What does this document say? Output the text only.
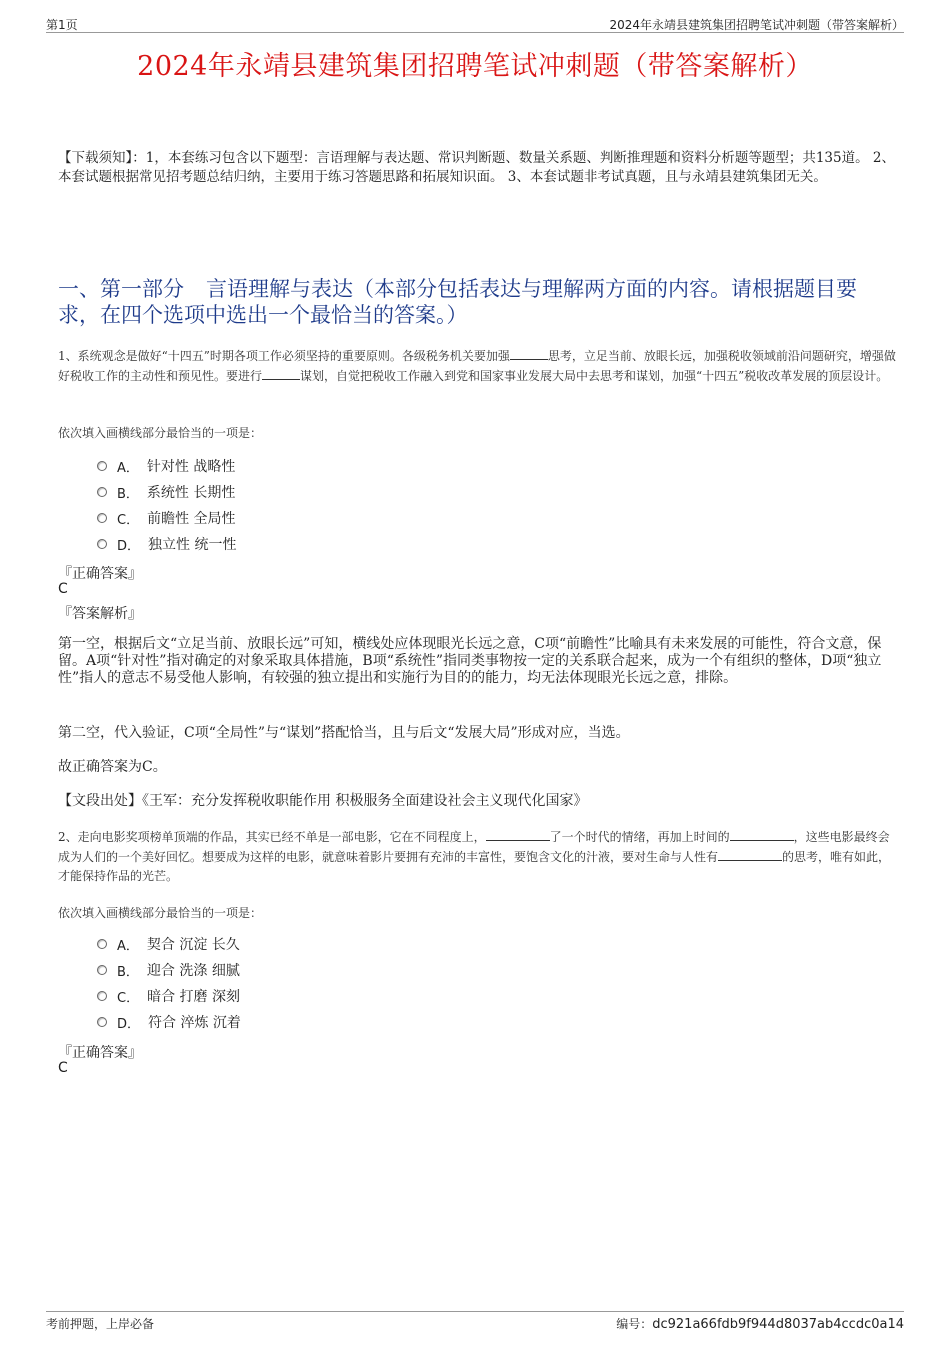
第1页	2024年永靖县建筑集团招聘笔试冲刺题（带答案解析）
2024年永靖县建筑集团招聘笔试冲刺题（带答案解析）
【下载须知】：1，本套练习包含以下题型：言语理解与表达题、常识判断题、数量关系题、判断推理题和资料分析题等题型；共135道。 2、本套试题根据常见招考题总结归纳，主要用于练习答题思路和拓展知识面。 3、本套试题非考试真题，且与永靖县建筑集团无关。
一、第一部分 言语理解与表达（本部分包括表达与理解两方面的内容。请根据题目要求，在四个选项中选出一个最恰当的答案。）
1、系统观念是做好“十四五”时期各项工作必须坚持的重要原则。各级税务机关要加强	思考，立足当前、放眼长远，加强税收领域前沿问题研究，增强做好税收工作的主动性和预见性。要进行	谋划，自觉把税收工作融入到党和国家事业发展大局中去思考和谋划，加强“十四五”税收改革发展的顶层设计。
依次填入画横线部分最恰当的一项是：
A． 针对性 战略性
B． 系统性 长期性
C． 前瞻性 全局性
D． 独立性 统一性
『正确答案』
C
『答案解析』
第一空，根据后文“立足当前、放眼长远”可知，横线处应体现眼光长远之意，C项“前瞻性”比喻具有未来发展的可能性，符合文意，保留。A项“针对性”指对确定的对象采取具体措施，B项“系统性”指同类事物按一定的关系联合起来，成为一个有组织的整体，D项“独立性”指人的意志不易受他人影响，有较强的独立提出和实施行为目的的能力，均无法体现眼光长远之意，排除。
第二空，代入验证，C项“全局性”与“谋划”搭配恰当，且与后文“发展大局”形成对应，当选。
故正确答案为C。
【文段出处】《王军：充分发挥税收职能作用 积极服务全面建设社会主义现代化国家》
2、走向电影奖项榜单顶端的作品，其实已经不单是一部电影，它在不同程度上，	了一个时代的情绪，再加上时间的	，这些电影最终会成为人们的一个美好回忆。想要成为这样的电影，就意味着影片要拥有充沛的丰富性，要饱含文化的汁液，要对生命与人性有	的思考，唯有如此，才能保持作品的光芒。
依次填入画横线部分最恰当的一项是：
A． 契合 沉淀 长久
B． 迎合 洗涤 细腻
C． 暗合 打磨 深刻
D． 符合 淬炼 沉着
『正确答案』
C
考前押题，上岸必备	编号：dc921a66fdb9f944d8037ab4ccdc0a14
